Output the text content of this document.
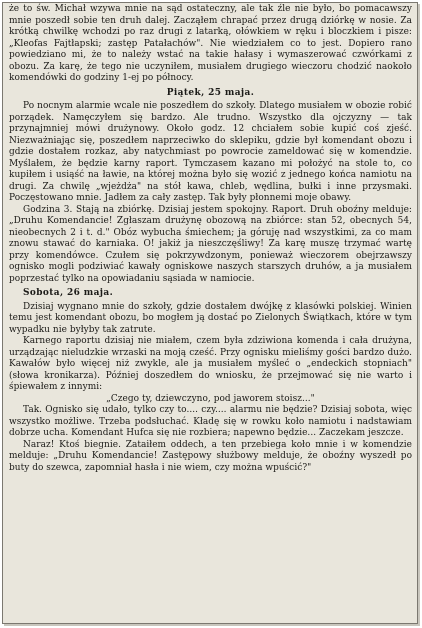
że to św. Michał wzywa mnie na sąd ostateczny, ale tak źle nie było, bo pomacawszy mnie poszedł sobie ten druh dalej. Zacząłem chrapać przez drugą dziórkę w nosie. Za krótką chwilkę wchodzi po raz drugi z latarką, ołówkiem w ręku i bloczkiem i pisze: „Kleofas Fajtłapski; zastęp Patałachów". Nie wiedziałem co to jest. Dopiero rano powiedziano mi, że to należy wstać na takie hałasy i wymaszerować czwórkami z obozu. Za karę, że tego nie uczyniłem, musiałem drugiego wieczoru chodzić naokoło komendówki do godziny 1-ej po północy.

Piątek, 25 maja.

Po nocnym alarmie wcale nie poszedłem do szkoły. Dlatego musiałem w obozie robić porządek. Namęczyłem się bardzo. Ale trudno. Wszystko dla ojczyzny — tak przynajmniej mówi drużynowy. Około godz. 12 chciałem sobie kupić coś zjeść. Niezważniając się, poszedłem naprzeciwko do sklepiku, gdzie był komendant obozu i gdzie dostałem rozkaz, aby natychmiast po powrocie zameldować się w komendzie. Myślałem, że będzie karny raport. Tymczasem kazano mi położyć na stole to, co kupiłem i usiąść na ławie, na której można było się wozić z jednego końca namiotu na drugi. Za chwilę „wjeżdża" na stół kawa, chleb, wędlina, bułki i inne przysmaki. Poczęstowano mnie. Jadłem za cały zastęp. Tak były płonnemi moje obawy.

Godzina 3. Stają na zbiórkę. Dzisiaj jestem spokojny. Raport. Druh oboźny melduje: „Druhu Komendancie! Zgłaszam drużynę obozową na zbiórce: stan 52, obecnych 54, nieobecnych 2 i t. d." Obóz wybucha śmiechem; ja góruję nad wszystkimi, za co mam znowu stawać do karniaka. O! jakiż ja nieszczęśliwy! Za karę muszę trzymać wartę przy komendówce. Czułem się pokrzywdzonym, ponieważ wieczorem obejrzawszy ognisko mogli podziwiać kawały ogniskowe naszych starszych druhów, a ja musiałem poprzestać tylko na opowiadaniu sąsiada w namiocie.

Sobota, 26 maja.

Dzisiaj wygnano mnie do szkoły, gdzie dostałem dwójkę z klasówki polskiej. Winien temu jest komendant obozu, bo mogłem ją dostać po Zielonych Świątkach, które w tym wypadku nie byłyby tak zatrute.

Karnego raportu dzisiaj nie miałem, czem była zdziwiona komenda i cała drużyna, urządzając nieludzkie wrzaski na moją cześć. Przy ognisku mieliśmy gości bardzo dużo. Kawałów było więcej niż zwykle, ale ja musiałem myśleć o „endeckich stopniach" (słowa kronikarza). Później doszedłem do wniosku, że przejmować się nie warto i śpiewałem z innymi:

„Czego ty, dziewczyno, pod jaworem stoisz..."

Tak. Ognisko się udało, tylko czy to.... czy.... alarmu nie będzie? Dzisiaj sobota, więc wszystko możliwe. Trzeba podsłuchać. Kładę się w rowku koło namiotu i nadstawiam dobrze ucha. Komendant Hufca się nie rozbiera; napewno będzie... Zaczekam jeszcze.

Naraz! Ktoś biegnie. Zataiłem oddech, a ten przebiega koło mnie i w komendzie melduje: „Druhu Komendancie! Zastępowy służbowy melduje, że oboźny wyszedł po buty do szewca, zapomniał hasła i nie wiem, czy można wpuścić?"
